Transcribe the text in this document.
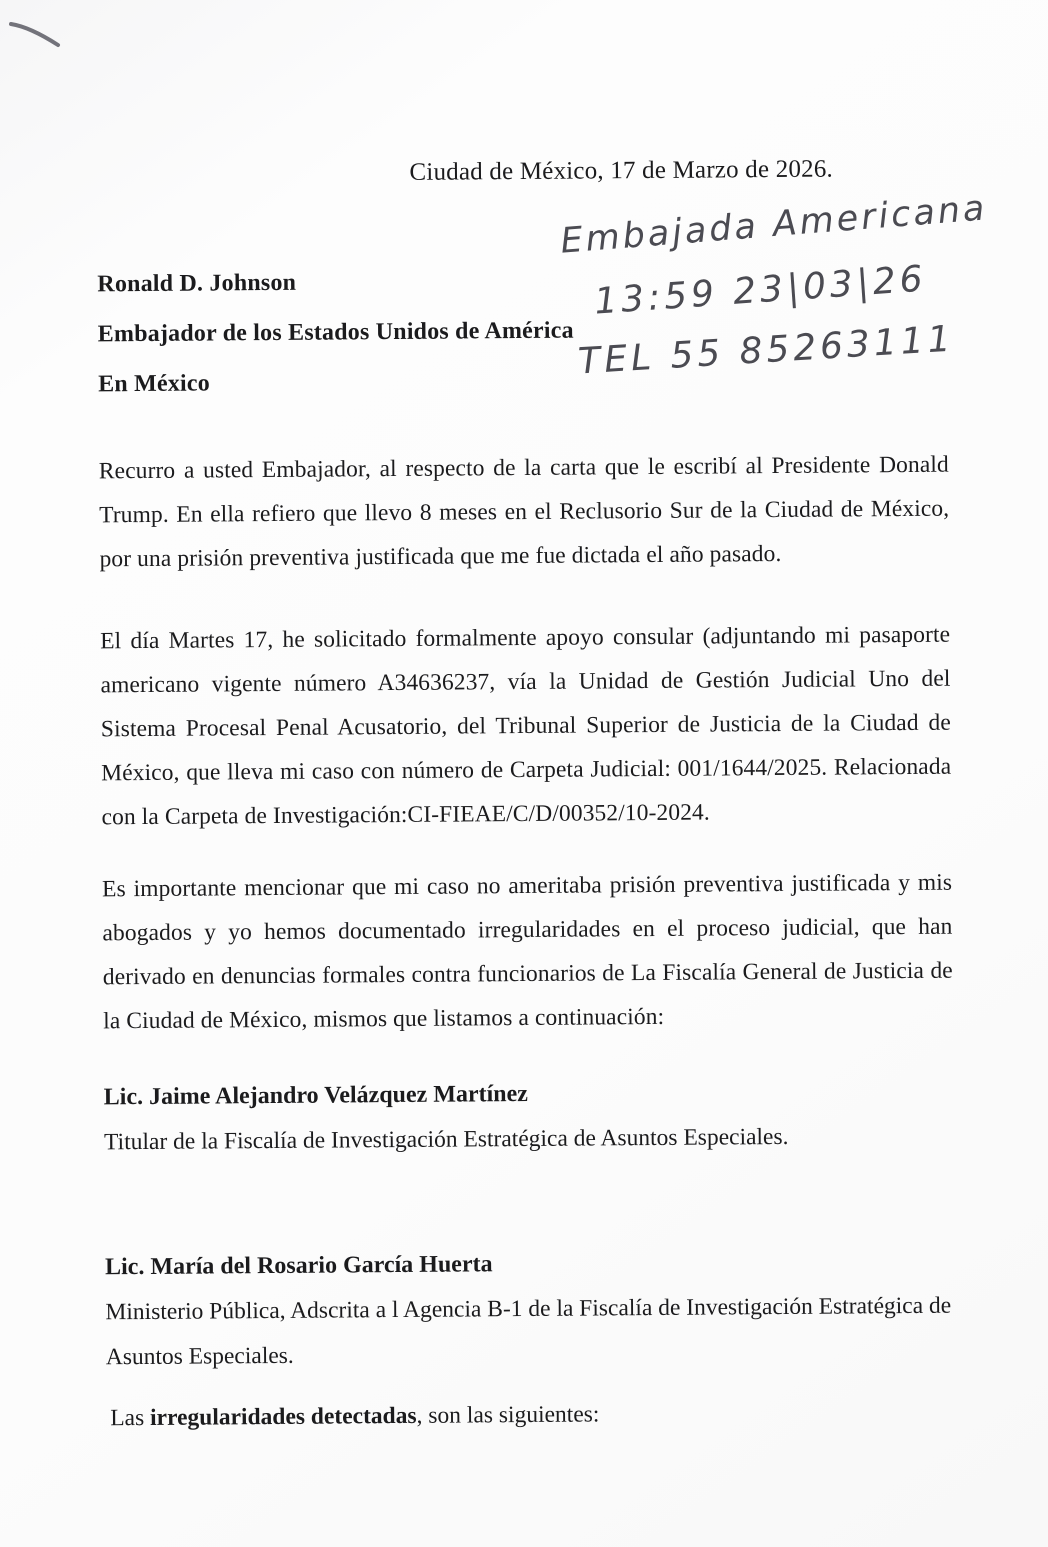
Ciudad de México, 17 de Marzo de 2026.
Ronald D. Johnson
Embajador de los Estados Unidos de América
En México
Recurro a usted Embajador, al respecto de la carta que le escribí al Presidente Donald Trump. En ella refiero que llevo 8 meses en el Reclusorio Sur de la Ciudad de México, por una prisión preventiva justificada que me fue dictada el año pasado.
El día Martes 17, he solicitado formalmente apoyo consular (adjuntando mi pasaporte americano vigente número A34636237, vía la Unidad de Gestión Judicial Uno del Sistema Procesal Penal Acusatorio, del Tribunal Superior de Justicia de la Ciudad de México, que lleva mi caso con número de Carpeta Judicial: 001/1644/2025. Relacionada con la Carpeta de Investigación:CI-FIEAE/C/D/00352/10-2024.
Es importante mencionar que mi caso no ameritaba prisión preventiva justificada y mis abogados y yo hemos documentado irregularidades en el proceso judicial, que han derivado en denuncias formales contra funcionarios de La Fiscalía General de Justicia de la Ciudad de México, mismos que listamos a continuación:
Lic. Jaime Alejandro Velázquez Martínez
Titular de la Fiscalía de Investigación Estratégica de Asuntos Especiales.
Lic. María del Rosario García Huerta
Ministerio Pública, Adscrita a l Agencia B-1 de la Fiscalía de Investigación Estratégica de Asuntos Especiales.
Las irregularidades detectadas, son las siguientes:
Embajada Americana
13:59 23|03|26
TEL 55 85263111
